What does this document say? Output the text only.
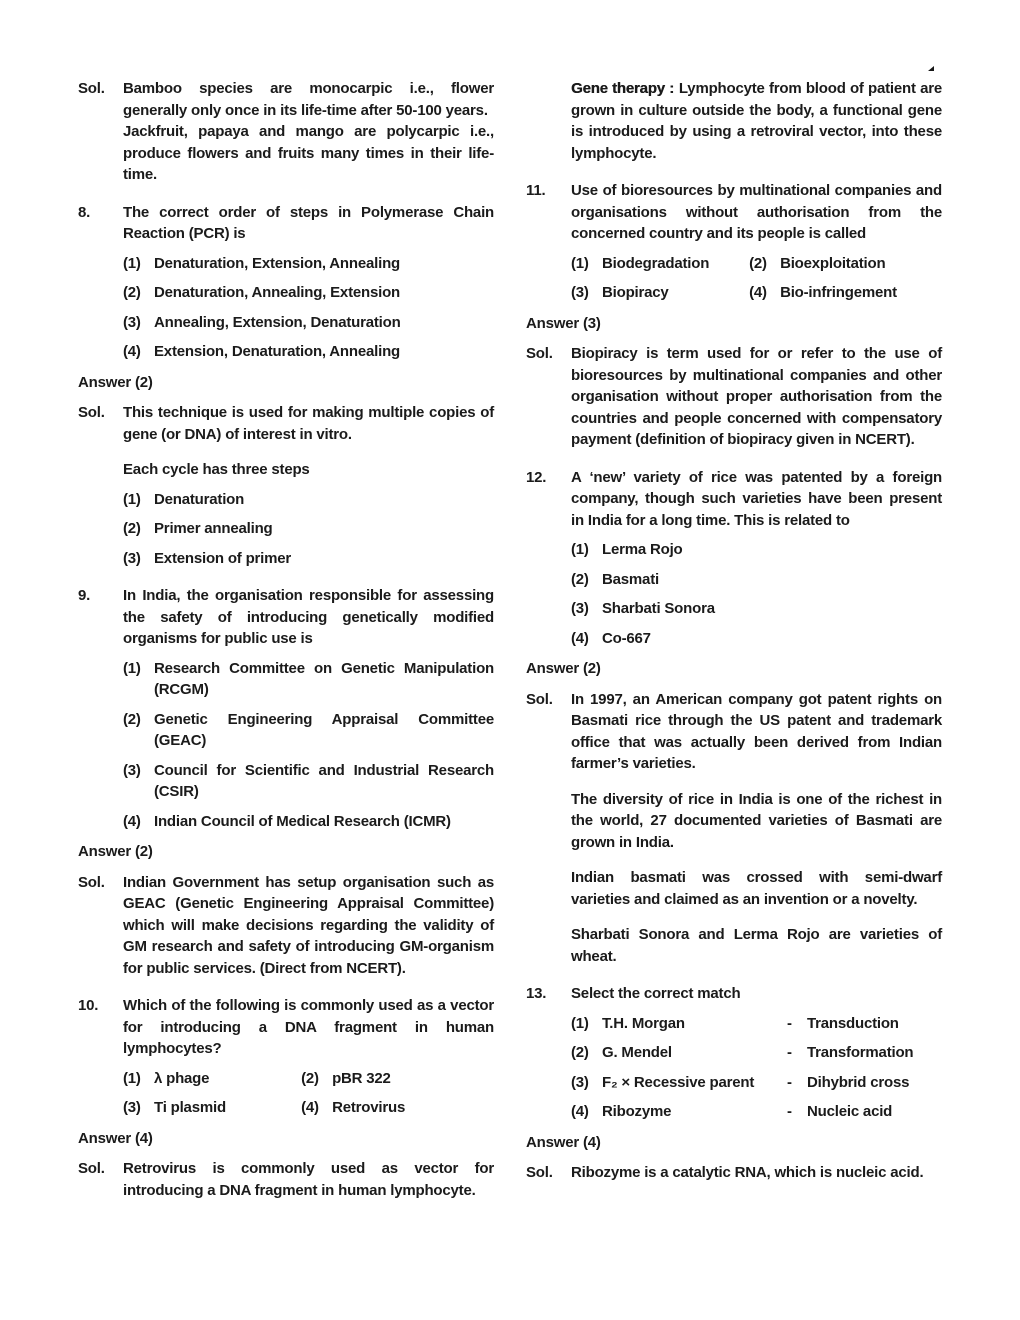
Sol.	Bamboo species are monocarpic i.e., flower generally only once in its life-time after 50-100 years.
Jackfruit, papaya and mango are polycarpic i.e., produce flowers and fruits many times in their life-time.
8.	The correct order of steps in Polymerase Chain Reaction (PCR) is
(1) Denaturation, Extension, Annealing
(2) Denaturation, Annealing, Extension
(3) Annealing, Extension, Denaturation
(4) Extension, Denaturation, Annealing
Answer (2)
Sol.	This technique is used for making multiple copies of gene (or DNA) of interest in vitro.
Each cycle has three steps
(1) Denaturation
(2) Primer annealing
(3) Extension of primer
9.	In India, the organisation responsible for assessing the safety of introducing genetically modified organisms for public use is
(1) Research Committee on Genetic Manipulation (RCGM)
(2) Genetic Engineering Appraisal Committee (GEAC)
(3) Council for Scientific and Industrial Research (CSIR)
(4) Indian Council of Medical Research (ICMR)
Answer (2)
Sol.	Indian Government has setup organisation such as GEAC (Genetic Engineering Appraisal Committee) which will make decisions regarding the validity of GM research and safety of introducing GM-organism for public services. (Direct from NCERT).
10.	Which of the following is commonly used as a vector for introducing a DNA fragment in human lymphocytes?
(1) λ phage	(2) pBR 322
(3) Ti plasmid	(4) Retrovirus
Answer (4)
Sol.	Retrovirus is commonly used as vector for introducing a DNA fragment in human lymphocyte.
Gene therapy : Lymphocyte from blood of patient are grown in culture outside the body, a functional gene is introduced by using a retroviral vector, into these lymphocyte.
11.	Use of bioresources by multinational companies and organisations without authorisation from the concerned country and its people is called
(1) Biodegradation	(2) Bioexploitation
(3) Biopiracy	(4) Bio-infringement
Answer (3)
Sol.	Biopiracy is term used for or refer to the use of bioresources by multinational companies and other organisation without proper authorisation from the countries and people concerned with compensatory payment (definition of biopiracy given in NCERT).
12.	A ‘new’ variety of rice was patented by a foreign company, though such varieties have been present in India for a long time. This is related to
(1) Lerma Rojo
(2) Basmati
(3) Sharbati Sonora
(4) Co-667
Answer (2)
Sol.	In 1997, an American company got patent rights on Basmati rice through the US patent and trademark office that was actually been derived from Indian farmer’s varieties.
The diversity of rice in India is one of the richest in the world, 27 documented varieties of Basmati are grown in India.
Indian basmati was crossed with semi-dwarf varieties and claimed as an invention or a novelty.
Sharbati Sonora and Lerma Rojo are varieties of wheat.
13.	Select the correct match
(1) T.H. Morgan	-	Transduction
(2) G. Mendel	-	Transformation
(3) F₂ × Recessive parent	-	Dihybrid cross
(4) Ribozyme	-	Nucleic acid
Answer (4)
Sol.	Ribozyme is a catalytic RNA, which is nucleic acid.
